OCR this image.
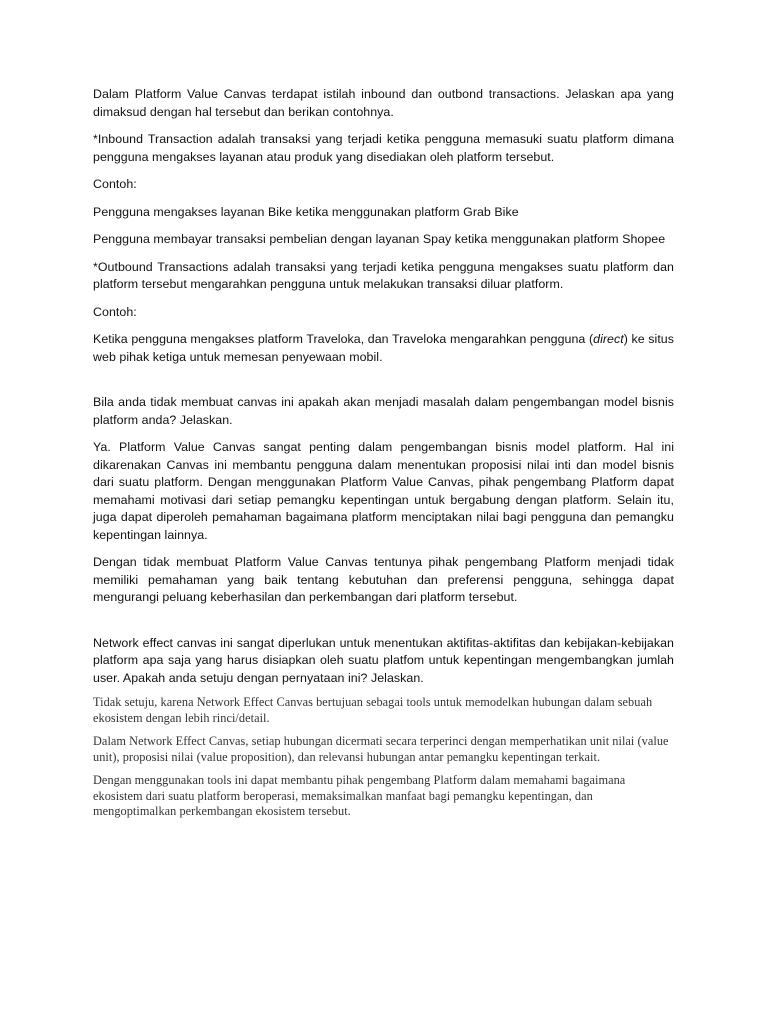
Dalam Platform Value Canvas terdapat istilah inbound dan outbond transactions. Jelaskan apa yang dimaksud dengan hal tersebut dan berikan contohnya.

*Inbound Transaction adalah transaksi yang terjadi ketika pengguna memasuki suatu platform dimana pengguna mengakses layanan atau produk yang disediakan oleh platform tersebut.

Contoh:

Pengguna mengakses layanan Bike ketika menggunakan platform Grab Bike

Pengguna membayar transaksi pembelian dengan layanan Spay ketika menggunakan platform Shopee

*Outbound Transactions adalah transaksi yang terjadi ketika pengguna mengakses suatu platform dan platform tersebut mengarahkan pengguna untuk melakukan transaksi diluar platform.

Contoh:

Ketika pengguna mengakses platform Traveloka, dan Traveloka mengarahkan pengguna (direct) ke situs web pihak ketiga untuk memesan penyewaan mobil.

Bila anda tidak membuat canvas ini apakah akan menjadi masalah dalam pengembangan model bisnis platform anda? Jelaskan.

Ya. Platform Value Canvas sangat penting dalam pengembangan bisnis model platform. Hal ini dikarenakan Canvas ini membantu pengguna dalam menentukan proposisi nilai inti dan model bisnis dari suatu platform. Dengan menggunakan Platform Value Canvas, pihak pengembang Platform dapat memahami motivasi dari setiap pemangku kepentingan untuk bergabung dengan platform. Selain itu, juga dapat diperoleh pemahaman bagaimana platform menciptakan nilai bagi pengguna dan pemangku kepentingan lainnya.

Dengan tidak membuat Platform Value Canvas tentunya pihak pengembang Platform menjadi tidak memiliki pemahaman yang baik tentang kebutuhan dan preferensi pengguna, sehingga dapat mengurangi peluang keberhasilan dan perkembangan dari platform tersebut.

Network effect canvas ini sangat diperlukan untuk menentukan aktifitas-aktifitas dan kebijakan-kebijakan platform apa saja yang harus disiapkan oleh suatu platfom untuk kepentingan mengembangkan jumlah user. Apakah anda setuju dengan pernyataan ini? Jelaskan.

Tidak setuju, karena Network Effect Canvas bertujuan sebagai tools untuk memodelkan hubungan dalam sebuah ekosistem dengan lebih rinci/detail.

Dalam Network Effect Canvas, setiap hubungan dicermati secara terperinci dengan memperhatikan unit nilai (value unit), proposisi nilai (value proposition), dan relevansi hubungan antar pemangku kepentingan terkait.

Dengan menggunakan tools ini dapat membantu pihak pengembang Platform dalam memahami bagaimana ekosistem dari suatu platform beroperasi, memaksimalkan manfaat bagi pemangku kepentingan, dan mengoptimalkan perkembangan ekosistem tersebut.
